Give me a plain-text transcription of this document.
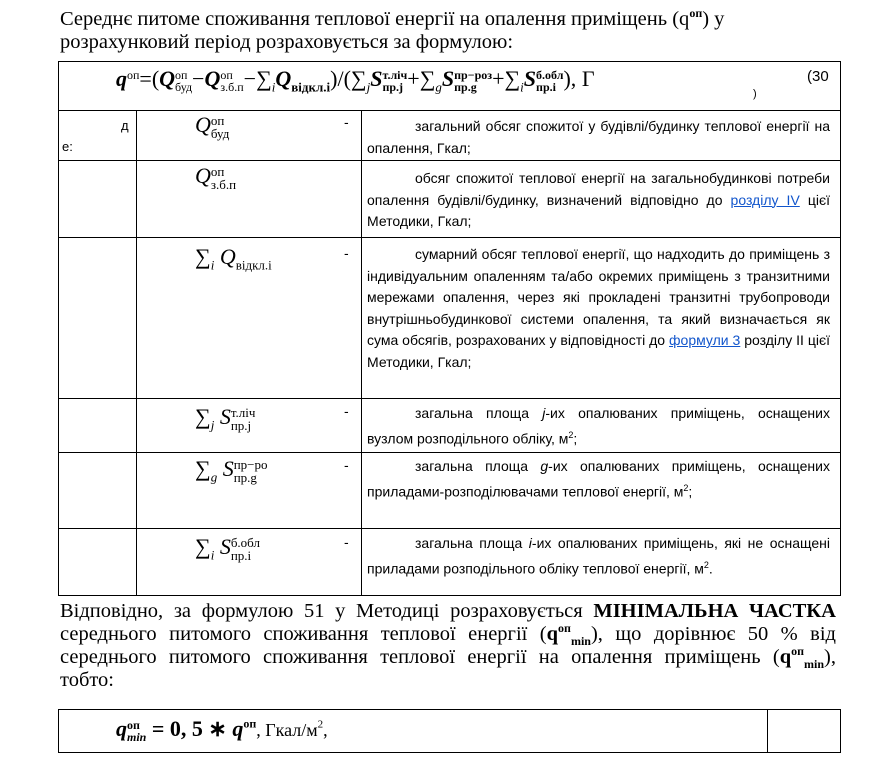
Середнє питоме споживання теплової енергії на опалення приміщень $(q^{оп})$ у
розрахунковий період розраховується за формулою:
q оп
=(Q оп
буд −Q оп
$з.б.п -\sum_iQ_{відкл.i})/(\sum_jS$ т.ліч
$пр.j +\sum_gS$ пр−роз
$пр.g +\sum_iS$ б.обл
пр.i ), Г	(30
)
д
е:
Q оп
буд
-	загальний обсяг спожитої у будівлі/будинку теплової енергії на опалення, Гкал;
Q оп
з.б.п	обсяг спожитої теплової енергії на загальнобудинкові потреби опалення будівлі/будинку, визначений відповідно до розділу IV цієї Методики, Гкал;
$\sum_i$ $Q_{відкл.i}$
-	сумарний обсяг теплової енергії, що надходить до приміщень з індивідуальним опаленням та/або окремих приміщень з транзитними мережами опалення, через які прокладені транзитні трубопроводи внутрішньобудинкової системи опалення, та який визначається як сума обсягів, розрахованих у відповідності до формули 3 розділу II цієї Методики, Гкал;
$\sum_j$ S т.ліч
пр.j
-	загальна площа j-их опалюваних приміщень, оснащених вузлом розподільного обліку, $м^2$;
$\sum_g$ S пр−ро
пр.g
-	загальна площа g-их опалюваних приміщень, оснащених приладами-розподілювачами теплової енергії, $м^2$;
$\sum_i$ S б.обл
пр.i
-	загальна площа i-их опалюваних приміщень, які не оснащені приладами розподільного обліку теплової енергії, $м^2$.
Відповідно, за формулою 51 у Методиці розраховується МІНІМАЛЬНА ЧАСТКА середнього питомого споживання теплової енергії $(q^{оп}_{min})$, що дорівнює 50 % від середнього питомого споживання теплової енергії на опалення приміщень $(q^{оп}_{min})$, тобто:
q оп
min = 0, 5 ∗ $q^{оп}$, Гкал/$м^2$,
